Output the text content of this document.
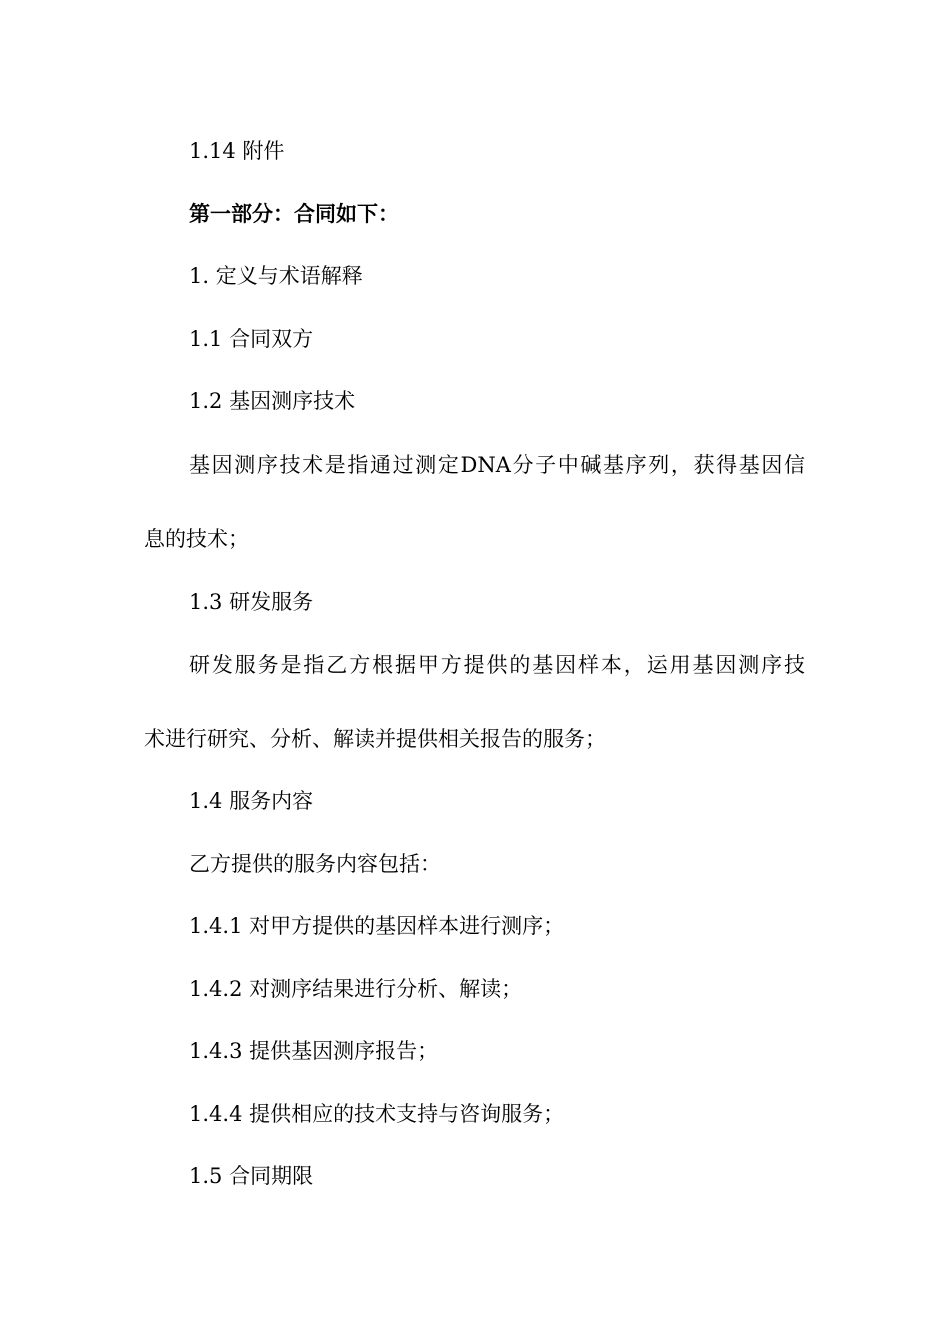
1.14 附件

第一部分：合同如下：

1. 定义与术语解释

1.1 合同双方

1.2 基因测序技术

基因测序技术是指通过测定DNA分子中碱基序列，获得基因信

息的技术；

1.3 研发服务

研发服务是指乙方根据甲方提供的基因样本，运用基因测序技

术进行研究、分析、解读并提供相关报告的服务；

1.4 服务内容

乙方提供的服务内容包括：

1.4.1 对甲方提供的基因样本进行测序；

1.4.2 对测序结果进行分析、解读；

1.4.3 提供基因测序报告；

1.4.4 提供相应的技术支持与咨询服务；

1.5 合同期限
